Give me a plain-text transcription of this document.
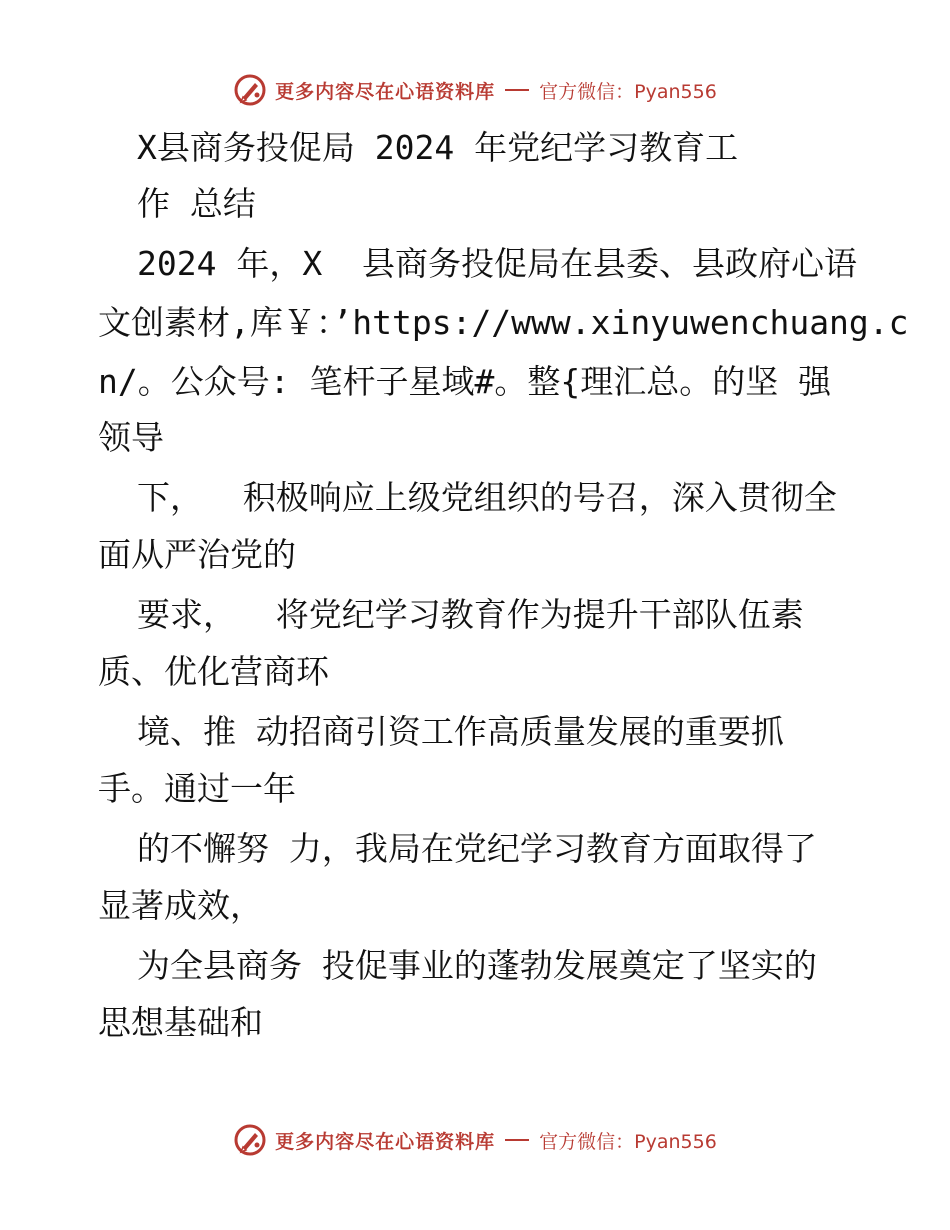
更多内容尽在心语资料库 官方微信：Pyan556
X县商务投促局 2024 年党纪学习教育工
作 总结
2024 年，X  县商务投促局在县委、县政府心语
文创素材,库￥：’https://www.xinyuwenchuang.c
n/。公众号: 笔杆子星域#。整{理汇总。的坚 强
领导
下，  积极响应上级党组织的号召，深入贯彻全
面从严治党的
要求，  将党纪学习教育作为提升干部队伍素
质、优化营商环
境、推 动招商引资工作高质量发展的重要抓
手。通过一年
的不懈努 力，我局在党纪学习教育方面取得了
显著成效，
为全县商务 投促事业的蓬勃发展奠定了坚实的
思想基础和
更多内容尽在心语资料库 官方微信：Pyan556
